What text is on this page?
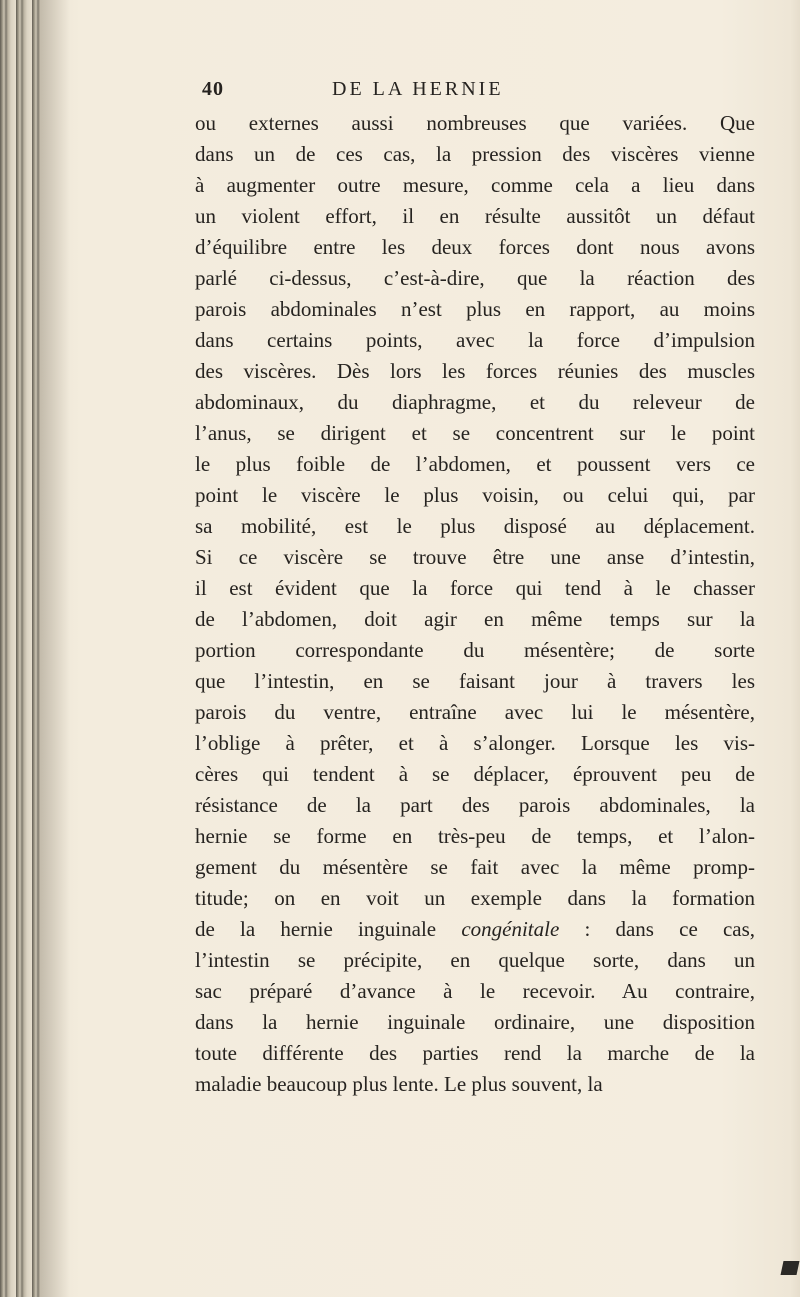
40	DE LA HERNIE
ou externes aussi nombreuses que variées. Que
dans un de ces cas, la pression des viscères vienne
à augmenter outre mesure, comme cela a lieu dans
un violent effort, il en résulte aussitôt un défaut
d’équilibre entre les deux forces dont nous avons
parlé ci-dessus, c’est-à-dire, que la réaction des
parois abdominales n’est plus en rapport, au moins
dans certains points, avec la force d’impulsion
des viscères. Dès lors les forces réunies des muscles
abdominaux, du diaphragme, et du releveur de
l’anus, se dirigent et se concentrent sur le point
le plus foible de l’abdomen, et poussent vers ce
point le viscère le plus voisin, ou celui qui, par
sa mobilité, est le plus disposé au déplacement.
Si ce viscère se trouve être une anse d’intestin,
il est évident que la force qui tend à le chasser
de l’abdomen, doit agir en même temps sur la
portion correspondante du mésentère; de sorte
que l’intestin, en se faisant jour à travers les
parois du ventre, entraîne avec lui le mésentère,
l’oblige à prêter, et à s’alonger. Lorsque les vis-
cères qui tendent à se déplacer, éprouvent peu de
résistance de la part des parois abdominales, la
hernie se forme en très-peu de temps, et l’alon-
gement du mésentère se fait avec la même promp-
titude; on en voit un exemple dans la formation
de la hernie inguinale congénitale : dans ce cas,
l’intestin se précipite, en quelque sorte, dans un
sac préparé d’avance à le recevoir. Au contraire,
dans la hernie inguinale ordinaire, une disposition
toute différente des parties rend la marche de la
maladie beaucoup plus lente. Le plus souvent, la
